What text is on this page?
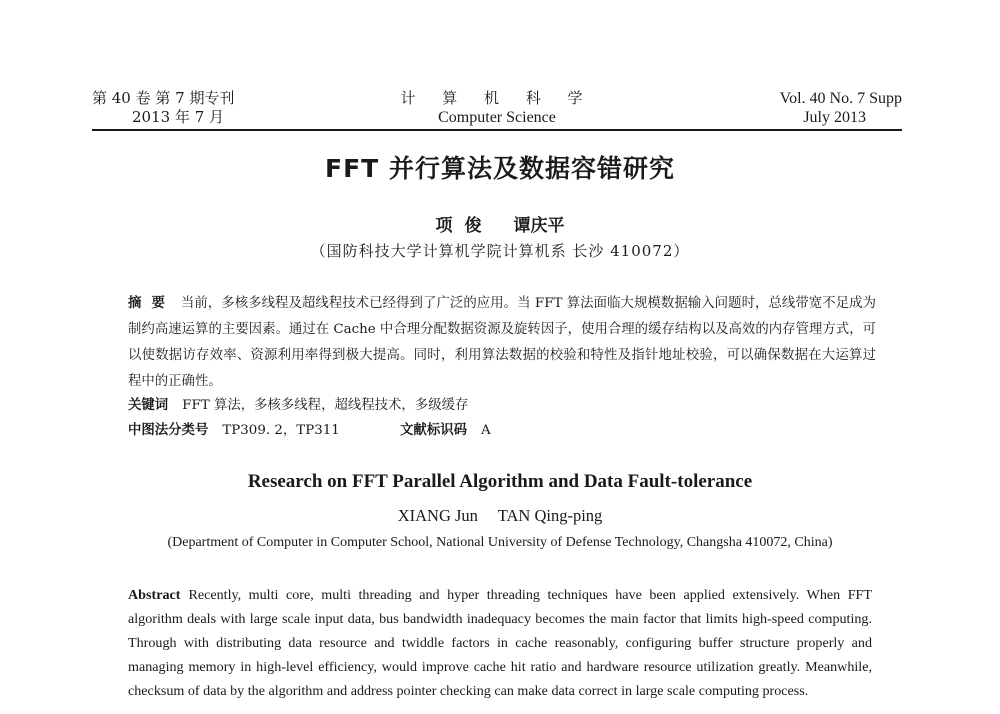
第 40 卷 第 7 期专刊
2013 年 7 月
计 算 机 科 学
Computer Science
Vol. 40 No. 7 Supp
July 2013
FFT 并行算法及数据容错研究
项俊 谭庆平
（国防科技大学计算机学院计算机系 长沙 410072）
摘要 当前，多核多线程及超线程技术已经得到了广泛的应用。当 FFT 算法面临大规模数据输入问题时，总线带宽不足成为制约高速运算的主要因素。通过在 Cache 中合理分配数据资源及旋转因子，使用合理的缓存结构以及高效的内存管理方式，可以使数据访存效率、资源利用率得到极大提高。同时，利用算法数据的校验和特性及指针地址校验，可以确保数据在大运算过程中的正确性。
关键词 FFT 算法，多核多线程，超线程技术，多级缓存
中图法分类号 TP309. 2，TP311	文献标识码 A
Research on FFT Parallel Algorithm and Data Fault-tolerance
XIANG Jun TAN Qing-ping
(Department of Computer in Computer School, National University of Defense Technology, Changsha 410072, China)
Abstract Recently, multi core, multi threading and hyper threading techniques have been applied extensively. When FFT algorithm deals with large scale input data, bus bandwidth inadequacy becomes the main factor that limits high-speed computing. Through with distributing data resource and twiddle factors in cache reasonably, configuring buffer structure properly and managing memory in high-level efficiency, would improve cache hit ratio and hardware resource utilization greatly. Meanwhile, checksum of data by the algorithm and address pointer checking can make data correct in large scale computing process.
